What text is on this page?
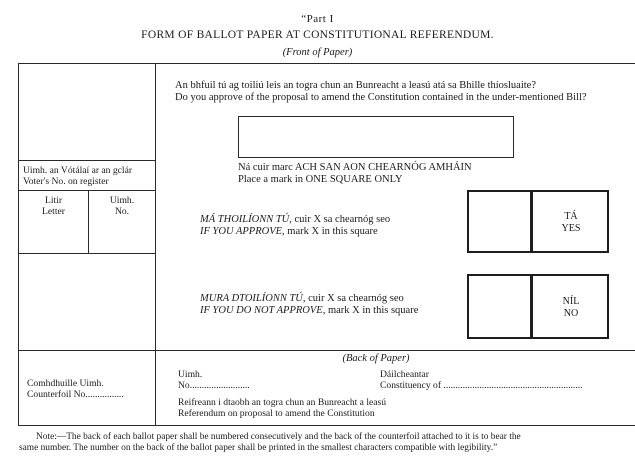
“Part I
FORM OF BALLOT PAPER AT CONSTITUTIONAL REFERENDUM.
(Front of Paper)
Uimh. an Vótálaí ar an gclár
Voter's No. on register
Litir
Letter
Uimh.
No.
An bhfuil tú ag toiliú leis an togra chun an Bunreacht a leasú atá sa Bhille thíosluaite?
Do you approve of the proposal to amend the Constitution contained in the under-mentioned Bill?
Ná cuir marc ACH SAN AON CHEARNÓG AMHÁIN
Place a mark in ONE SQUARE ONLY
MÁ THOILÍONN TÚ, cuir X sa chearnóg seo
IF YOU APPROVE, mark X in this square
TÁ
YES
MURA DTOILÍONN TÚ, cuir X sa chearnóg seo
IF YOU DO NOT APPROVE, mark X in this square
NÍL
NO
(Back of Paper)
Comhdhuille Uimh.
Counterfoil No................
Uimh.
No.........................
Dáilcheantar
Constituency of ..........................................................
Reifreann i dtaobh an togra chun an Bunreacht a leasú
Referendum on proposal to amend the Constitution
Note:—The back of each ballot paper shall be numbered consecutively and the back of the counterfoil attached to it is to bear the
same number. The number on the back of the ballot paper shall be printed in the smallest characters compatible with legibility.”
